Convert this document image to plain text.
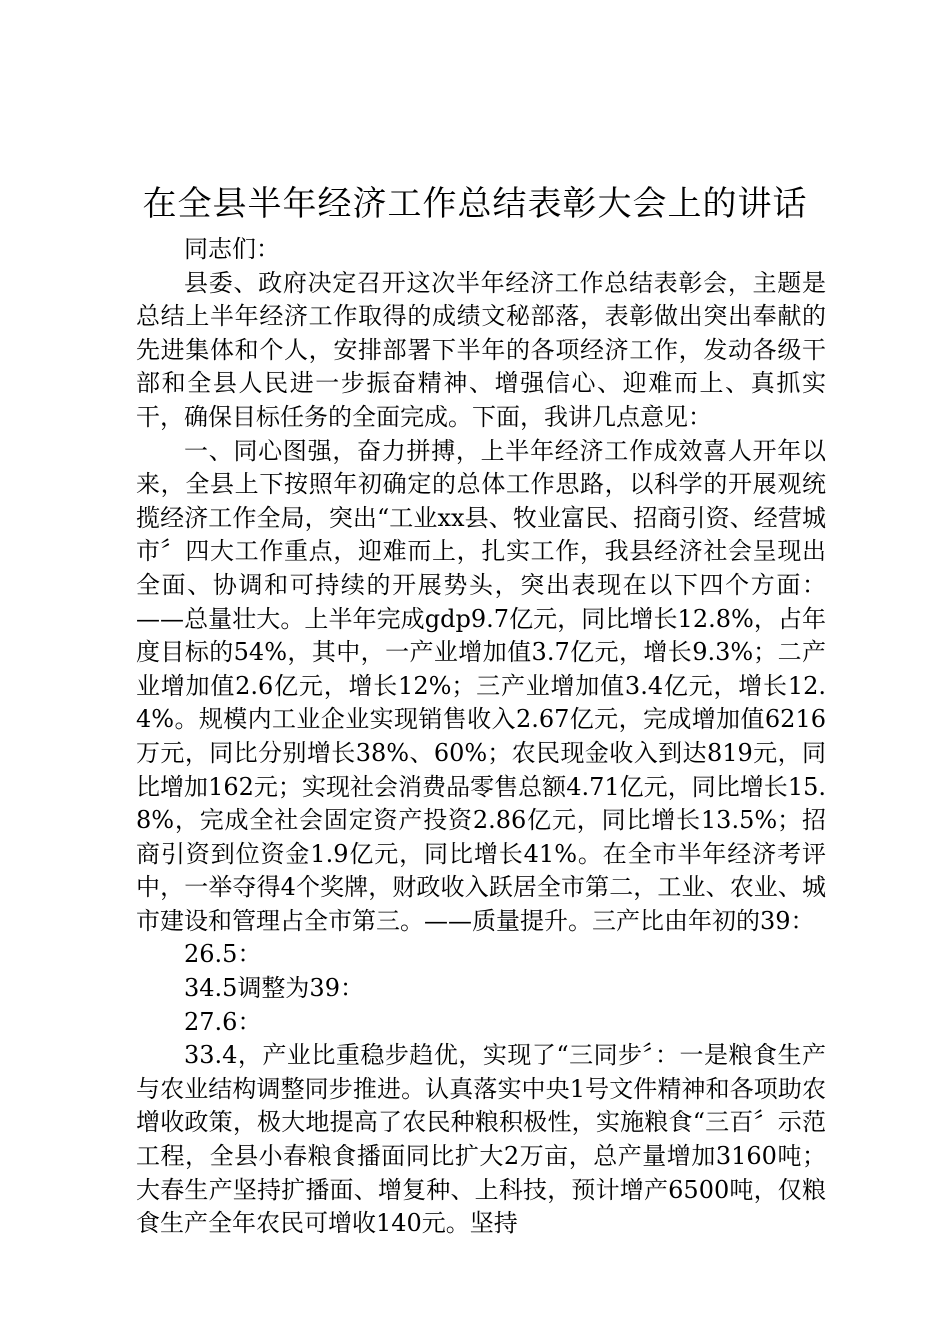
在全县半年经济工作总结表彰大会上的讲话

同志们：

县委、政府决定召开这次半年经济工作总结表彰会，主题是总结上半年经济工作取得的成绩文秘部落，表彰做出突出奉献的先进集体和个人，安排部署下半年的各项经济工作，发动各级干部和全县人民进一步振奋精神、增强信心、迎难而上、真抓实干，确保目标任务的全面完成。下面，我讲几点意见：

一、同心图强，奋力拼搏，上半年经济工作成效喜人开年以来，全县上下按照年初确定的总体工作思路，以科学的开展观统揽经济工作全局，突出“工业xx县、牧业富民、招商引资、经营城市〞四大工作重点，迎难而上，扎实工作，我县经济社会呈现出全面、协调和可持续的开展势头，突出表现在以下四个方面：——总量壮大。上半年完成gdp9.7亿元，同比增长12.8%，占年度目标的54%，其中，一产业增加值3.7亿元，增长9.3%；二产业增加值2.6亿元，增长12%；三产业增加值3.4亿元，增长12.4%。规模内工业企业实现销售收入2.67亿元，完成增加值6216万元，同比分别增长38%、60%；农民现金收入到达819元，同比增加162元；实现社会消费品零售总额4.71亿元，同比增长15.8%，完成全社会固定资产投资2.86亿元，同比增长13.5%；招商引资到位资金1.9亿元，同比增长41%。在全市半年经济考评中，一举夺得4个奖牌，财政收入跃居全市第二，工业、农业、城市建设和管理占全市第三。——质量提升。三产比由年初的39：

26.5：

34.5调整为39：

27.6：

33.4，产业比重稳步趋优，实现了“三同步〞：一是粮食生产与农业结构调整同步推进。认真落实中央1号文件精神和各项助农增收政策，极大地提高了农民种粮积极性，实施粮食“三百〞示范工程，全县小春粮食播面同比扩大2万亩，总产量增加3160吨；大春生产坚持扩播面、增复种、上科技，预计增产6500吨，仅粮食生产全年农民可增收140元。坚持
